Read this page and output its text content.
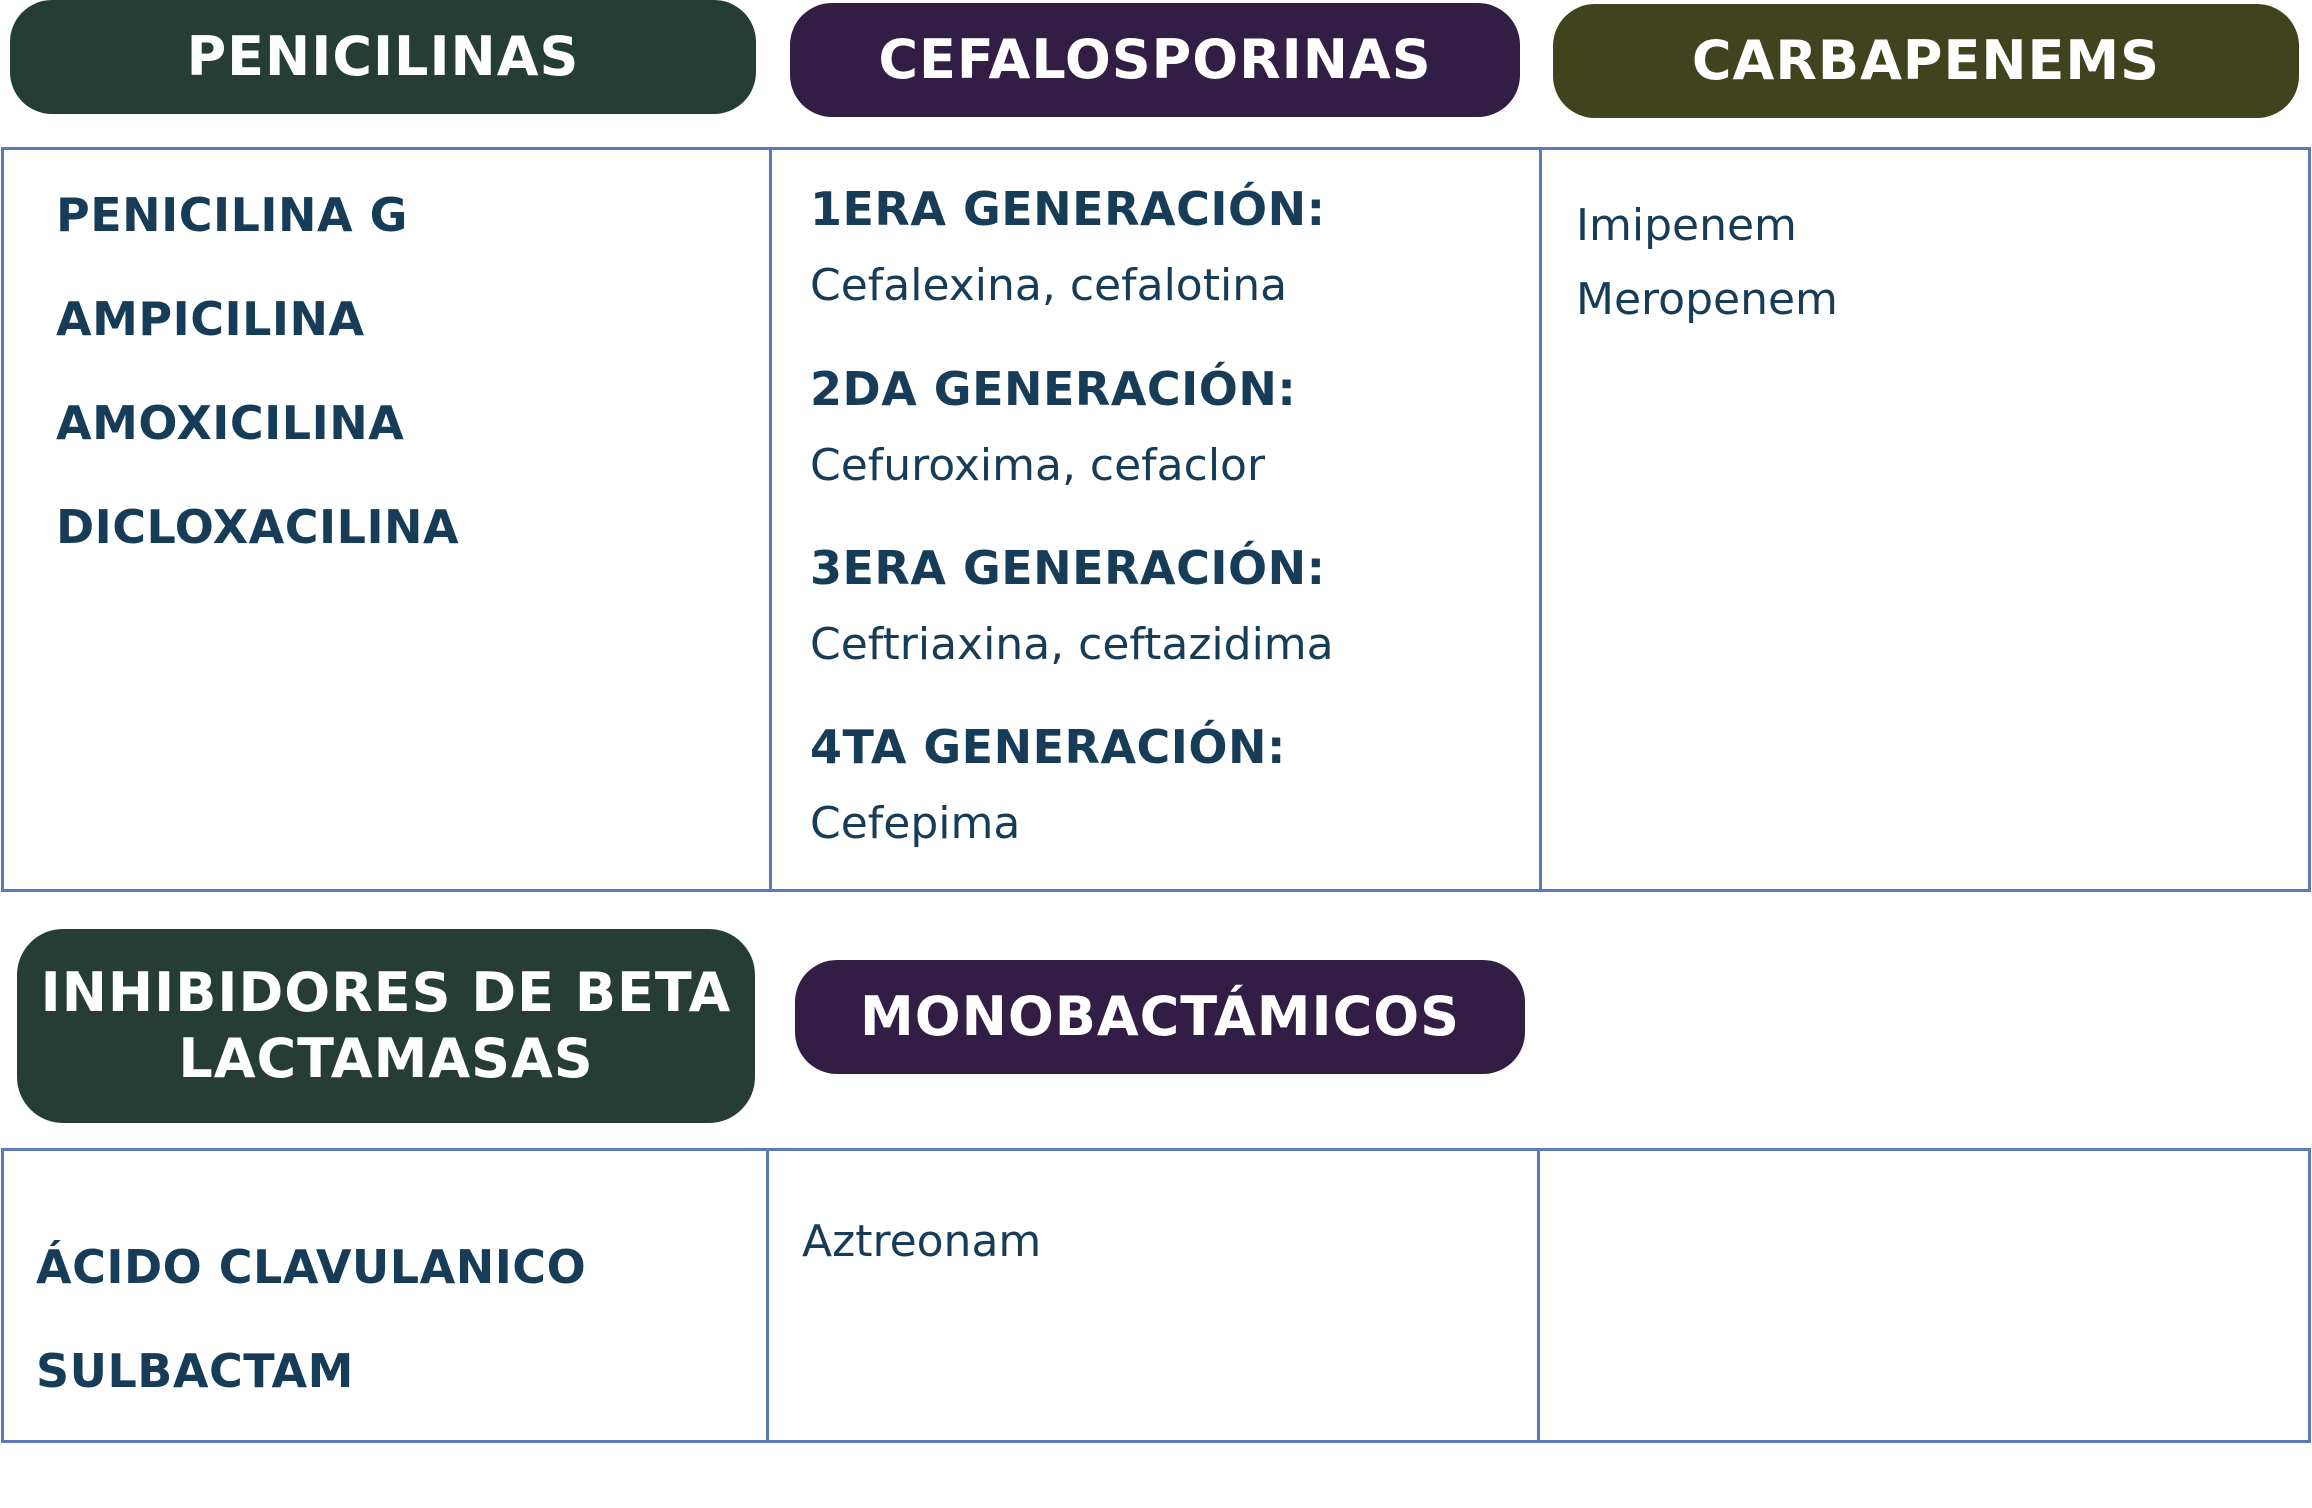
PENICILINAS	CEFALOSPORINAS	CARBAPENEMS
PENICILINA G
AMPICILINA
AMOXICILINA
DICLOXACILINA
1ERA GENERACIÓN:
Cefalexina, cefalotina
2DA GENERACIÓN:
Cefuroxima, cefaclor
3ERA GENERACIÓN:
Ceftriaxina, ceftazidima
4TA GENERACIÓN:
Cefepima
Imipenem
Meropenem
INHIBIDORES DE BETA
LACTAMASAS
MONOBACTÁMICOS
ÁCIDO CLAVULANICO
SULBACTAM
Aztreonam
